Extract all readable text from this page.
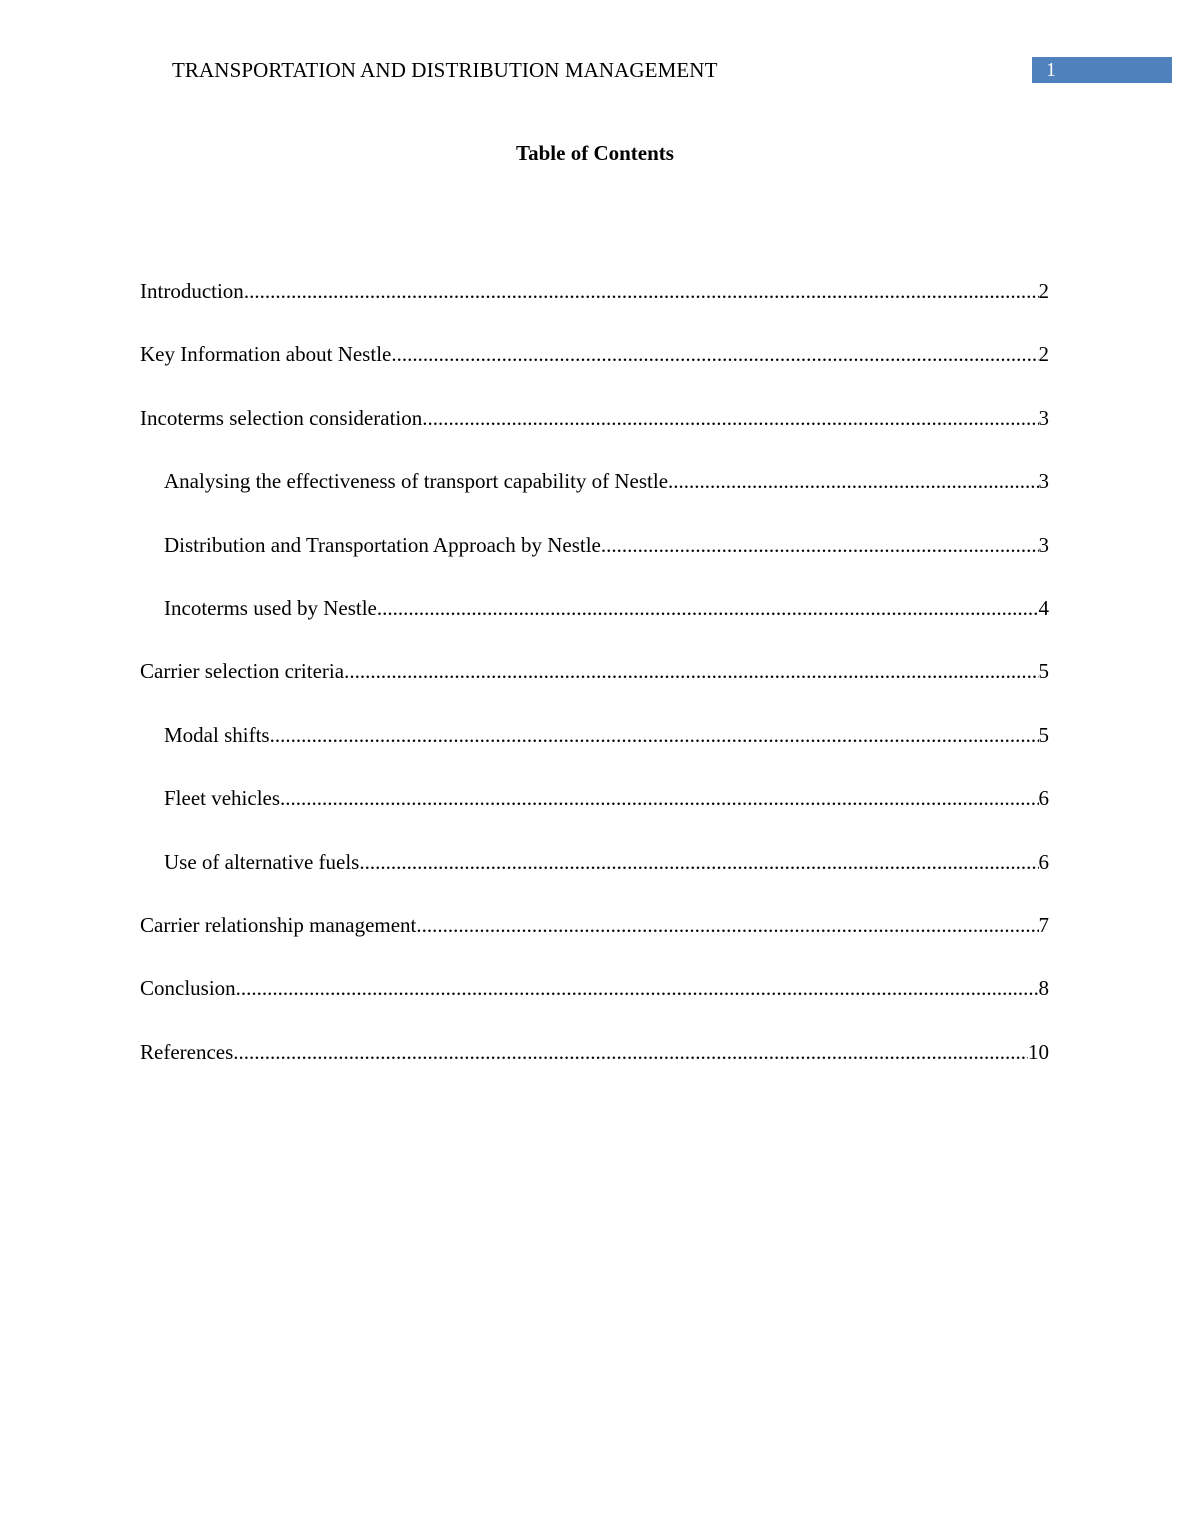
TRANSPORTATION AND DISTRIBUTION MANAGEMENT	1
Table of Contents
Introduction .....	2
Key Information about Nestle .....	2
Incoterms selection consideration .....	3
Analysing the effectiveness of transport capability of Nestle .....	3
Distribution and Transportation Approach by Nestle .....	3
Incoterms used by Nestle .....	4
Carrier selection criteria .....	5
Modal shifts .....	5
Fleet vehicles .....	6
Use of alternative fuels .....	6
Carrier relationship management .....	7
Conclusion .....	8
References .....	10
